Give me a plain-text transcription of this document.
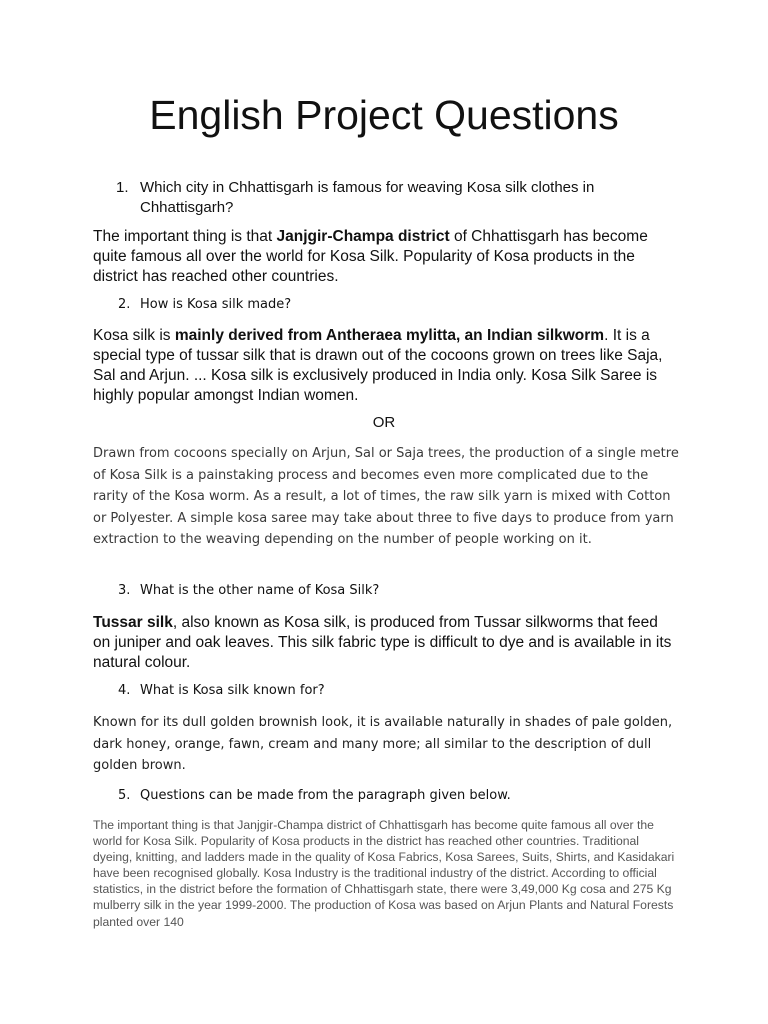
English Project Questions
1. Which city in Chhattisgarh is famous for weaving Kosa silk clothes in Chhattisgarh?

The important thing is that Janjgir-Champa district of Chhattisgarh has become quite famous all over the world for Kosa Silk. Popularity of Kosa products in the district has reached other countries.

2. How is Kosa silk made?

Kosa silk is mainly derived from Antheraea mylitta, an Indian silkworm. It is a special type of tussar silk that is drawn out of the cocoons grown on trees like Saja, Sal and Arjun. ... Kosa silk is exclusively produced in India only. Kosa Silk Saree is highly popular amongst Indian women.

OR

Drawn from cocoons specially on Arjun, Sal or Saja trees, the production of a single metre of Kosa Silk is a painstaking process and becomes even more complicated due to the rarity of the Kosa worm. As a result, a lot of times, the raw silk yarn is mixed with Cotton or Polyester. A simple kosa saree may take about three to five days to produce from yarn extraction to the weaving depending on the number of people working on it.

3. What is the other name of Kosa Silk?

Tussar silk, also known as Kosa silk, is produced from Tussar silkworms that feed on juniper and oak leaves. This silk fabric type is difficult to dye and is available in its natural colour.

4. What is Kosa silk known for?

Known for its dull golden brownish look, it is available naturally in shades of pale golden, dark honey, orange, fawn, cream and many more; all similar to the description of dull golden brown.

5. Questions can be made from the paragraph given below.

The important thing is that Janjgir-Champa district of Chhattisgarh has become quite famous all over the world for Kosa Silk. Popularity of Kosa products in the district has reached other countries. Traditional dyeing, knitting, and ladders made in the quality of Kosa Fabrics, Kosa Sarees, Suits, Shirts, and Kasidakari have been recognised globally. Kosa Industry is the traditional industry of the district. According to official statistics, in the district before the formation of Chhattisgarh state, there were 3,49,000 Kg cosa and 275 Kg mulberry silk in the year 1999-2000. The production of Kosa was based on Arjun Plants and Natural Forests planted over 140
